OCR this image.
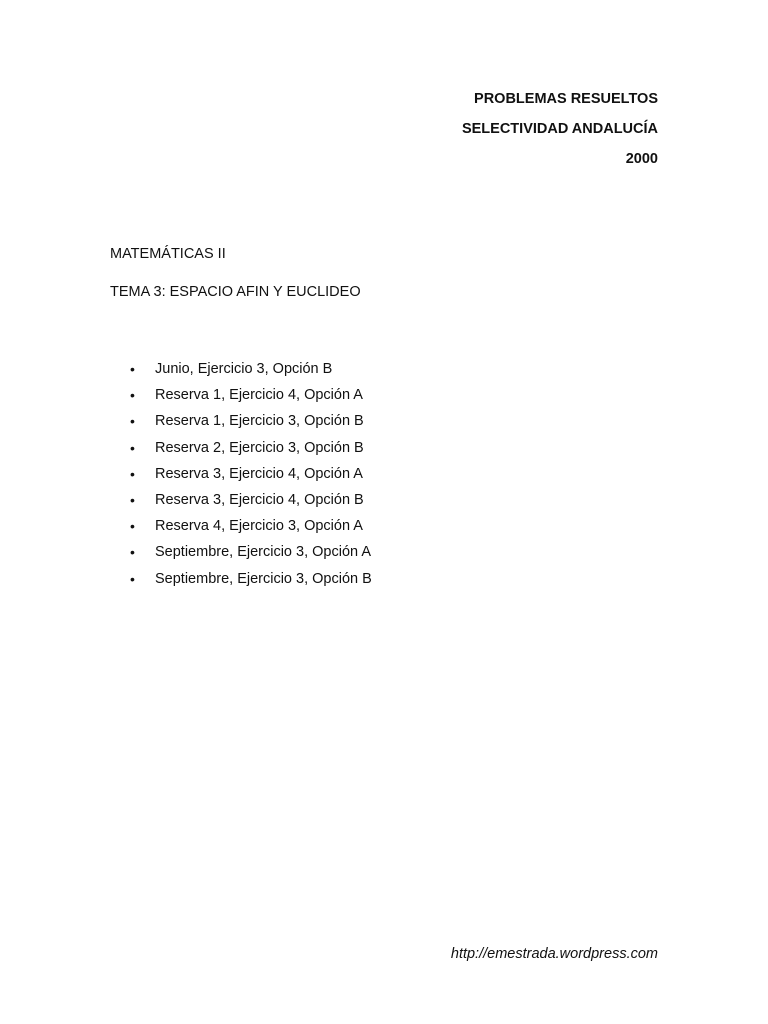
PROBLEMAS RESUELTOS
SELECTIVIDAD ANDALUCÍA
2000
MATEMÁTICAS II
TEMA 3: ESPACIO AFIN Y EUCLIDEO
•	Junio, Ejercicio 3, Opción B
•	Reserva 1, Ejercicio 4, Opción A
•	Reserva 1, Ejercicio 3, Opción B
•	Reserva 2, Ejercicio 3, Opción B
•	Reserva 3, Ejercicio 4, Opción A
•	Reserva 3, Ejercicio 4, Opción B
•	Reserva 4, Ejercicio 3, Opción A
•	Septiembre, Ejercicio 3, Opción A
•	Septiembre, Ejercicio 3, Opción B
http://emestrada.wordpress.com
